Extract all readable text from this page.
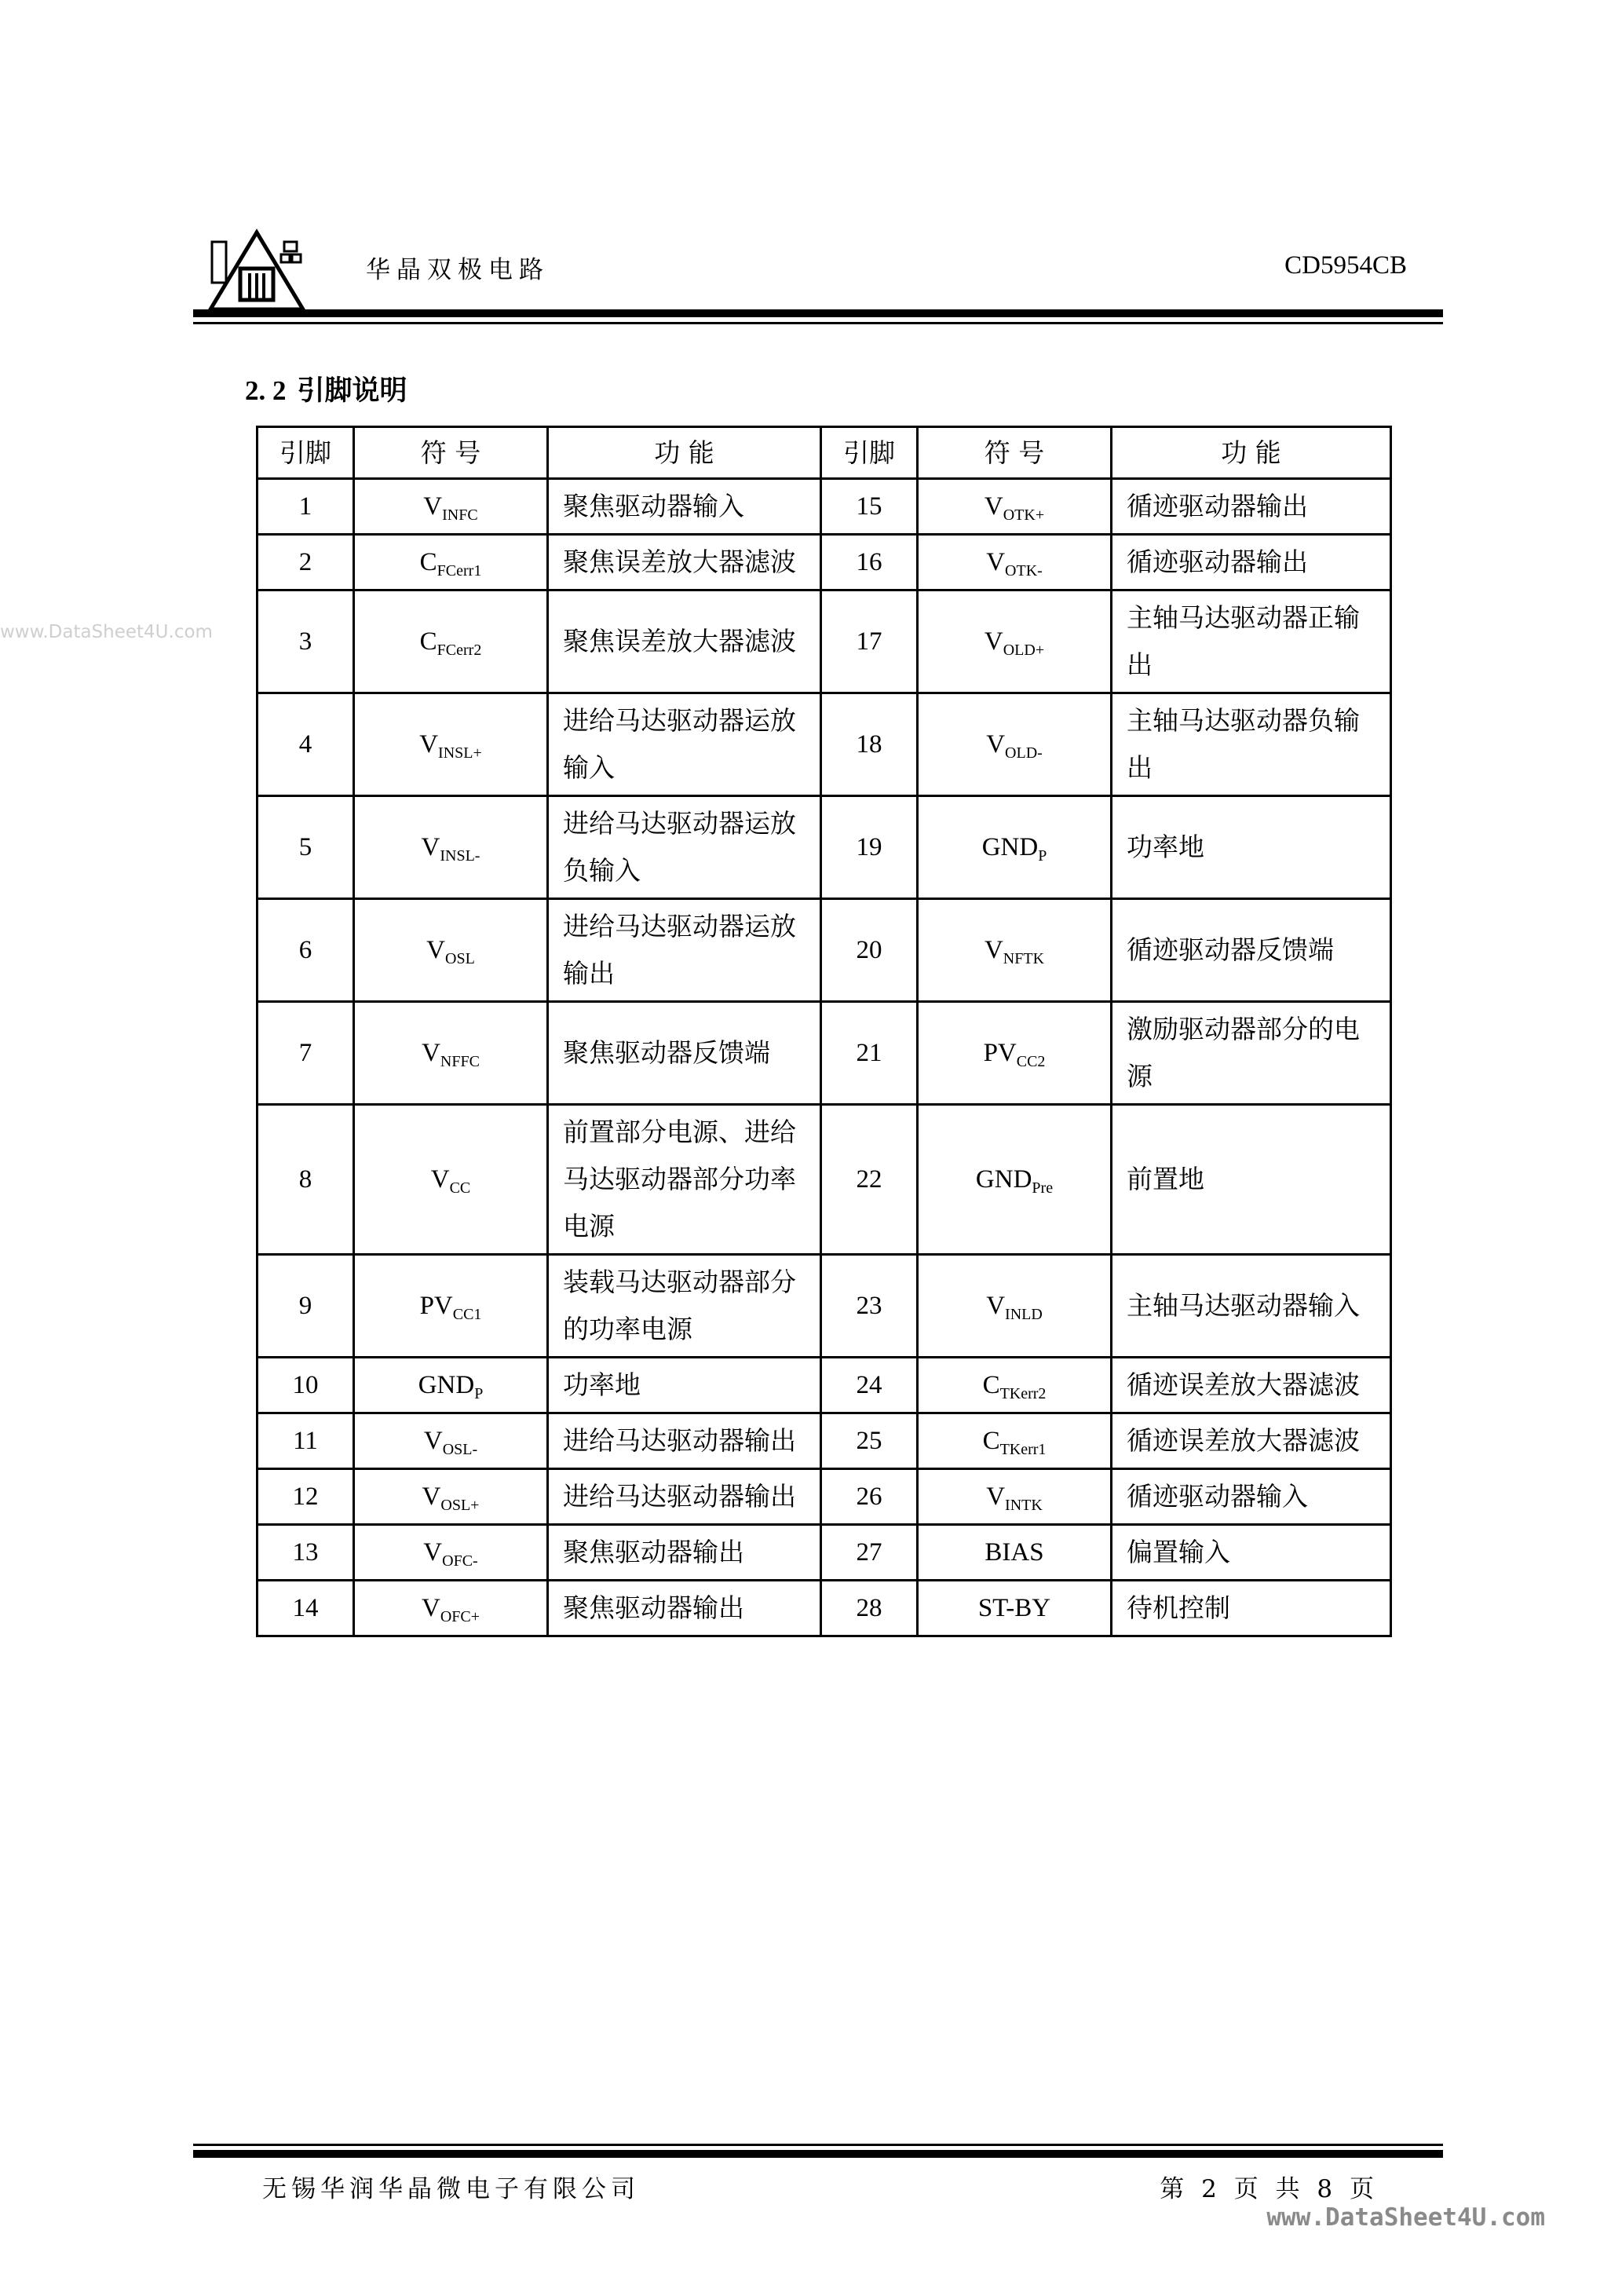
华晶双极电路	CD5954CB
www.DataSheet4U.com
2. 2 引脚说明
引脚	符 号	功 能	引脚	符 号	功 能
1	$V_{INFC}$	聚焦驱动器输入	15	$V_{OTK+}$	循迹驱动器输出
2	$C_{FCerr1}$	聚焦误差放大器滤波	16	$V_{OTK-}$	循迹驱动器输出
3	$C_{FCerr2}$	聚焦误差放大器滤波	17	$V_{OLD+}$	主轴马达驱动器正输出
4	$V_{INSL+}$	进给马达驱动器运放输入	18	$V_{OLD-}$	主轴马达驱动器负输出
5	$V_{INSL-}$	进给马达驱动器运放负输入	19	$GND_P$	功率地
6	$V_{OSL}$	进给马达驱动器运放输出	20	$V_{NFTK}$	循迹驱动器反馈端
7	$V_{NFFC}$	聚焦驱动器反馈端	21	$PV_{CC2}$	激励驱动器部分的电源
8	$V_{CC}$	前置部分电源、进给马达驱动器部分功率电源	22	$GND_{Pre}$	前置地
9	$PV_{CC1}$	装载马达驱动器部分的功率电源	23	$V_{INLD}$	主轴马达驱动器输入
10	$GND_P$	功率地	24	$C_{TKerr2}$	循迹误差放大器滤波
11	$V_{OSL-}$	进给马达驱动器输出	25	$C_{TKerr1}$	循迹误差放大器滤波
12	$V_{OSL+}$	进给马达驱动器输出	26	$V_{INTK}$	循迹驱动器输入
13	$V_{OFC-}$	聚焦驱动器输出	27	BIAS	偏置输入
14	$V_{OFC+}$	聚焦驱动器输出	28	ST-BY	待机控制
无锡华润华晶微电子有限公司	第 2 页 共 8 页
www.DataSheet4U.com
